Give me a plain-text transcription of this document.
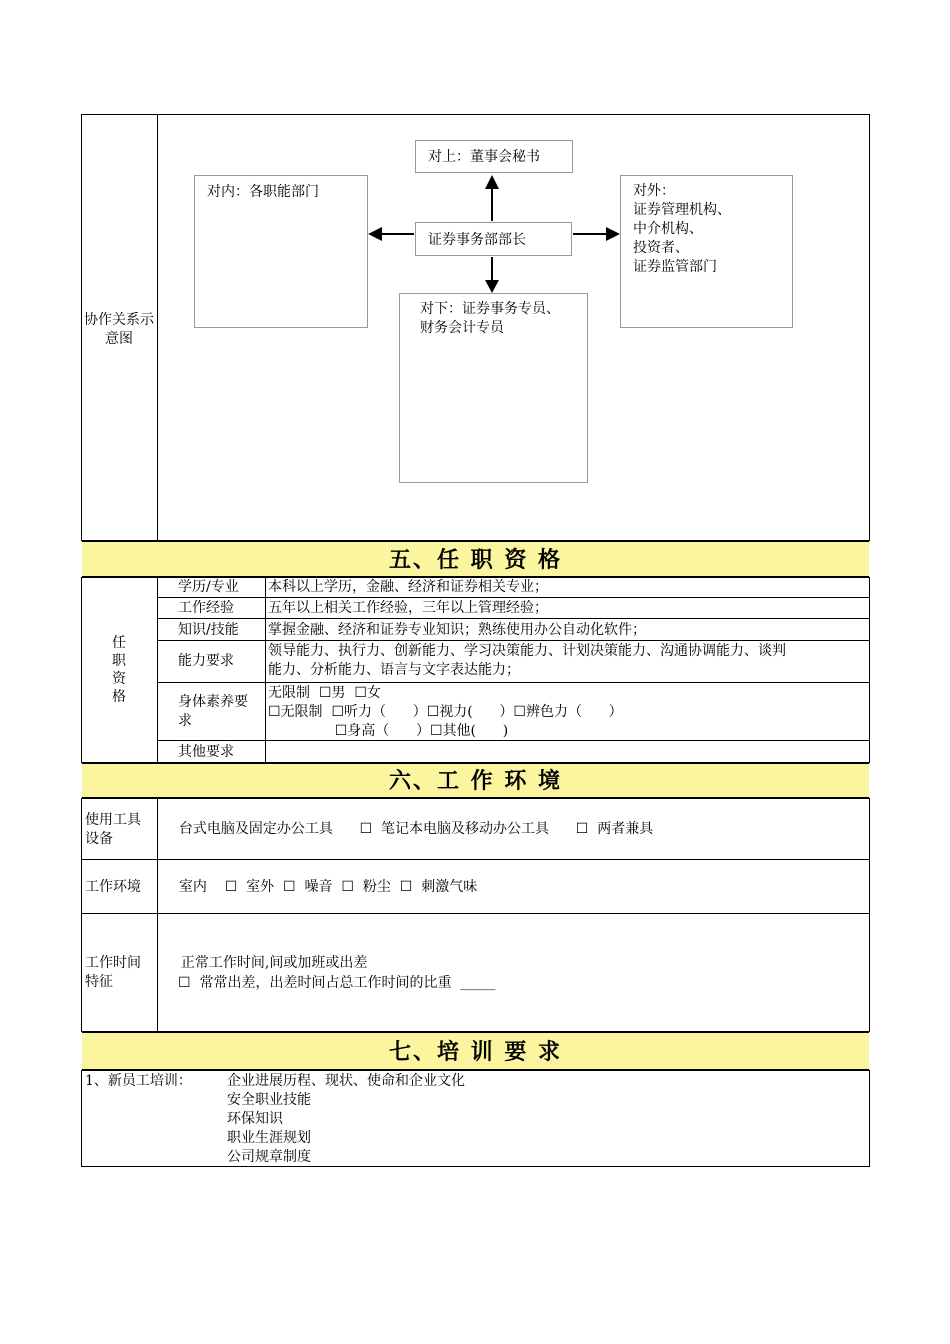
协作关系示意图
对上：董事会秘书
对内：各职能部门
证券事务部部长
对外：
证券管理机构、
中介机构、
投资者、
证券监管部门
对下：证券事务专员、
财务会计专员
五、任 职 资 格
任职资格
学历/专业 本科以上学历，金融、经济和证券相关专业；
工作经验 五年以上相关工作经验，三年以上管理经验；
知识/技能 掌握金融、经济和证券专业知识；熟练使用办公自动化软件；
能力要求
领导能力、执行力、创新能力、学习决策能力、计划决策能力、沟通协调能力、谈判
能力、分析能力、语言与文字表达能力；
身体素养要求
无限制  ☐男  ☐女
☐无限制  ☐听力（      ）☐视力(      ）☐辨色力（      ）
☐身高（      ）☐其他(      )
其他要求
六、工 作 环 境
使用工具
设备
台式电脑及固定办公工具      ☐  笔记本电脑及移动办公工具      ☐  两者兼具
工作环境 室内    ☐  室外  ☐  噪音  ☐  粉尘  ☐  刺激气味
工作时间
特征
正常工作时间,间或加班或出差
☐  常常出差，出差时间占总工作时间的比重  _____
七、培 训 要 求
1、新员工培训：	企业进展历程、现状、使命和企业文化
安全职业技能
环保知识
职业生涯规划
公司规章制度
